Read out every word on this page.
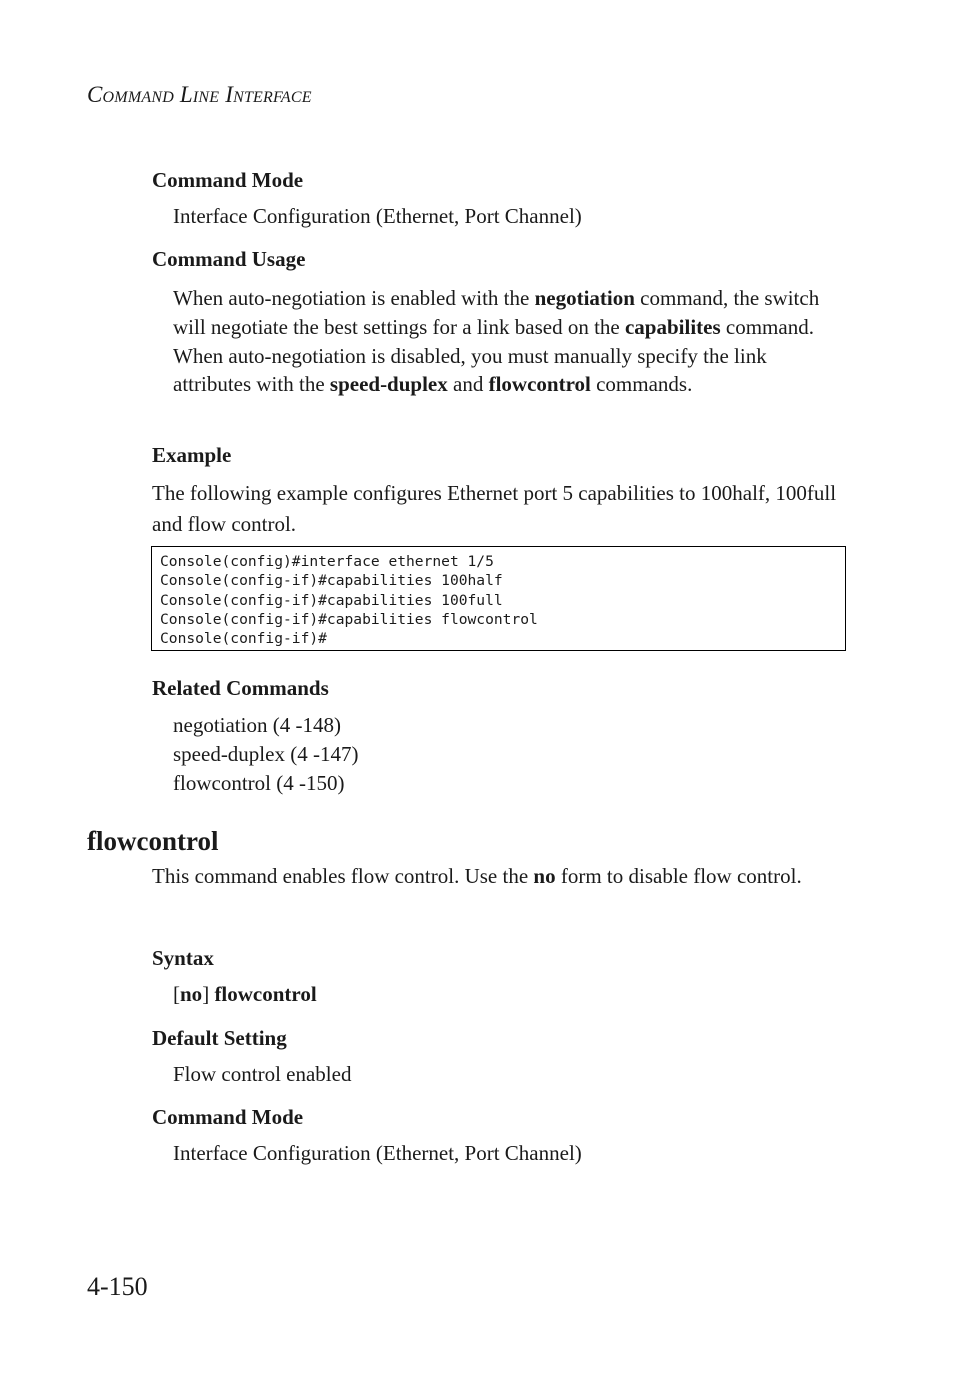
Command Line Interface
Command Mode
Interface Configuration (Ethernet, Port Channel)
Command Usage
When auto-negotiation is enabled with the negotiation command, the switch will negotiate the best settings for a link based on the capabilites command. When auto-negotiation is disabled, you must manually specify the link attributes with the speed-duplex and flowcontrol commands.
Example
The following example configures Ethernet port 5 capabilities to 100half, 100full and flow control.
Console(config)#interface ethernet 1/5
Console(config-if)#capabilities 100half
Console(config-if)#capabilities 100full
Console(config-if)#capabilities flowcontrol
Console(config-if)#
Related Commands
negotiation (4 -148)
speed-duplex (4 -147)
flowcontrol (4 -150)
flowcontrol
This command enables flow control. Use the no form to disable flow control.
Syntax
[no] flowcontrol
Default Setting
Flow control enabled
Command Mode
Interface Configuration (Ethernet, Port Channel)
4-150
